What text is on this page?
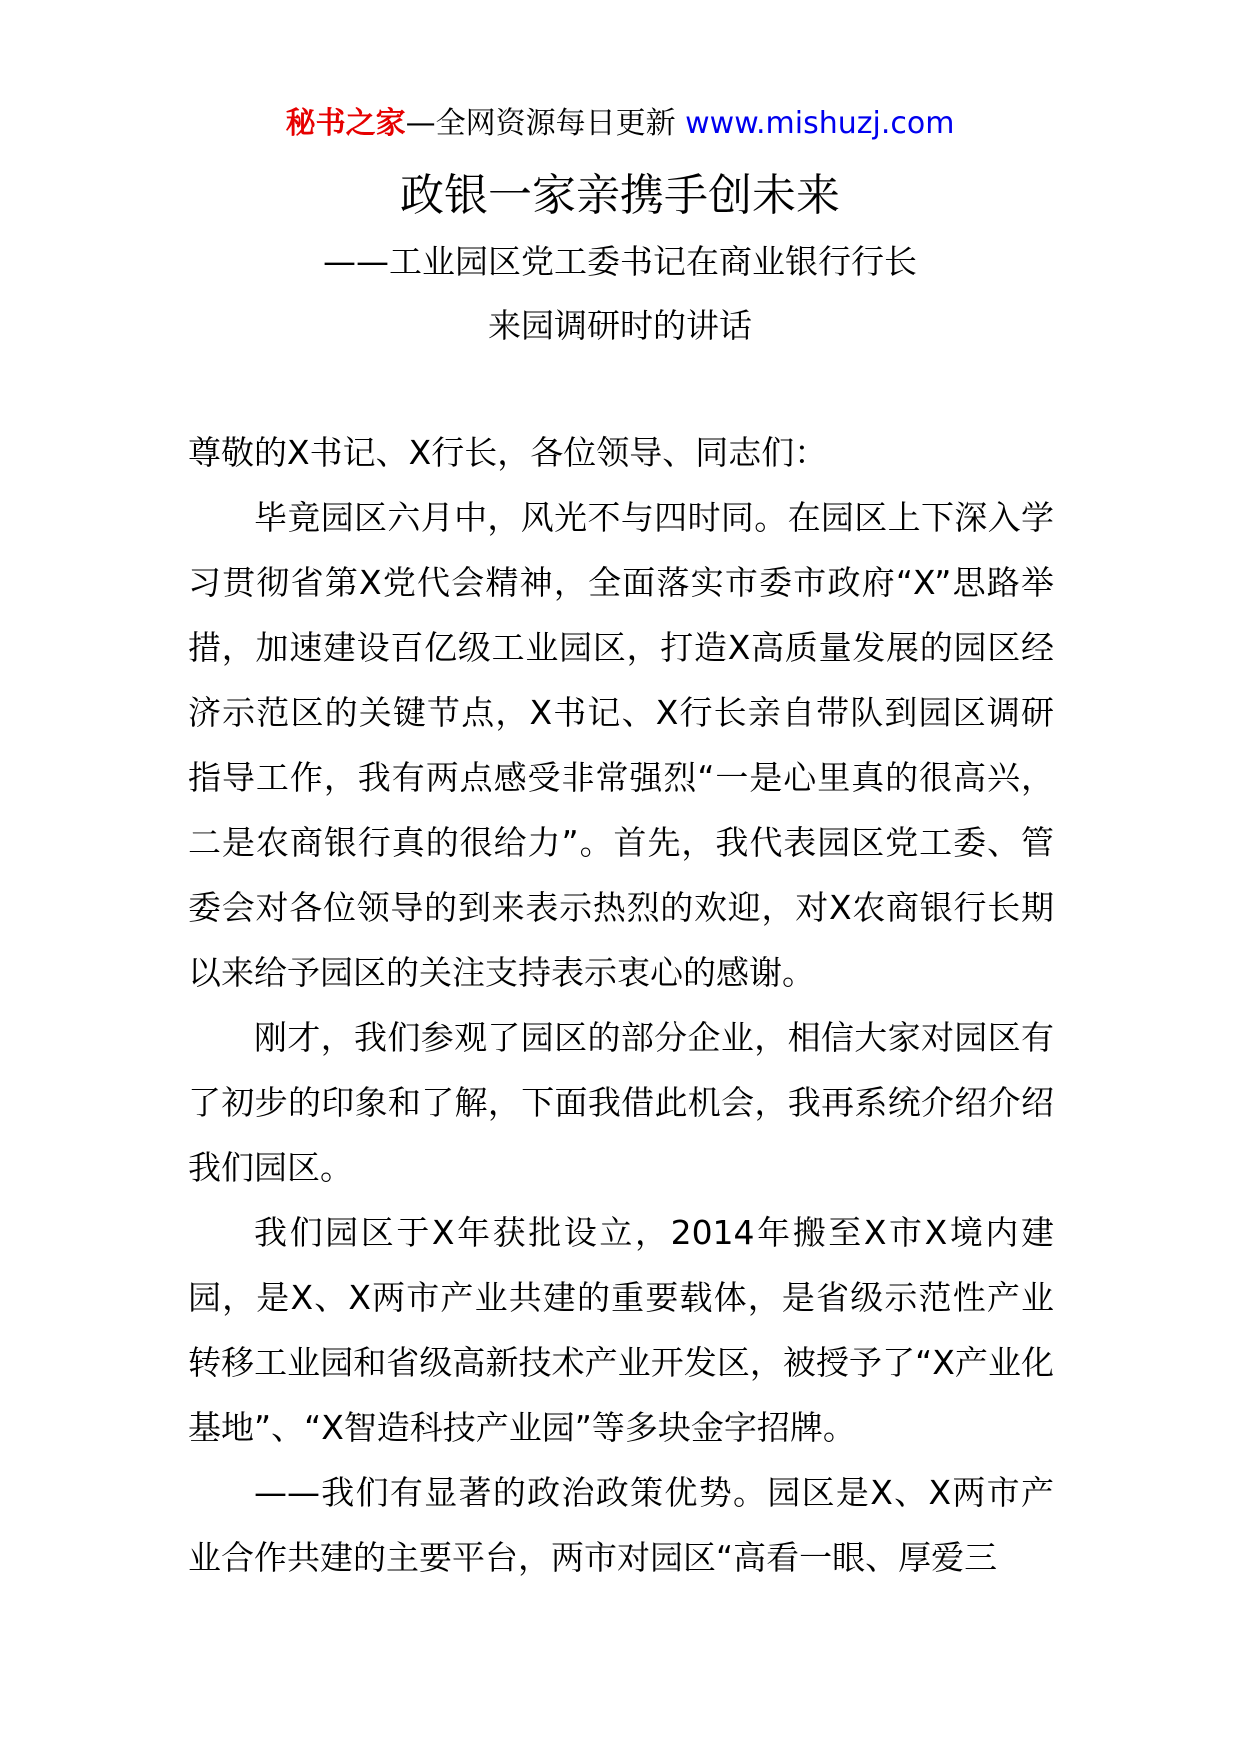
秘书之家—全网资源每日更新 www.mishuzj.com
政银一家亲携手创未来
——工业园区党工委书记在商业银行行长
来园调研时的讲话

尊敬的X书记、X行长，各位领导、同志们：

毕竟园区六月中，风光不与四时同。在园区上下深入学习贯彻省第X党代会精神，全面落实市委市政府“X”思路举措，加速建设百亿级工业园区，打造X高质量发展的园区经济示范区的关键节点，X书记、X行长亲自带队到园区调研指导工作，我有两点感受非常强烈“一是心里真的很高兴，二是农商银行真的很给力”。首先，我代表园区党工委、管委会对各位领导的到来表示热烈的欢迎，对X农商银行长期以来给予园区的关注支持表示衷心的感谢。

刚才，我们参观了园区的部分企业，相信大家对园区有了初步的印象和了解，下面我借此机会，我再系统介绍介绍我们园区。

我们园区于X年获批设立，2014年搬至X市X境内建园，是X、X两市产业共建的重要载体，是省级示范性产业转移工业园和省级高新技术产业开发区，被授予了“X产业化基地”、“X智造科技产业园”等多块金字招牌。

——我们有显著的政治政策优势。园区是X、X两市产业合作共建的主要平台，两市对园区“高看一眼、厚爱三
